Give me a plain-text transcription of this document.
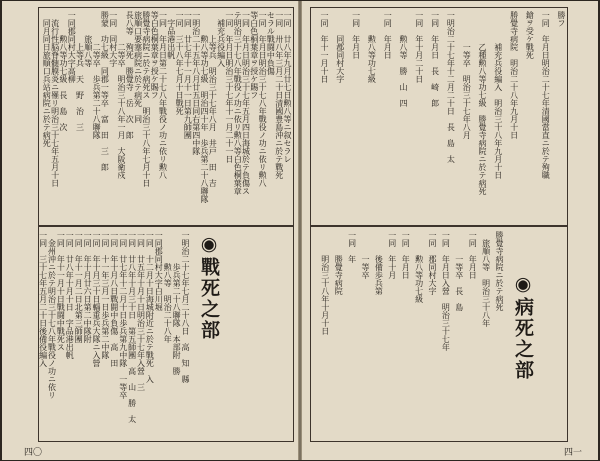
一同　廿八年九月廿七日勲八等ニ叙セラレ
一同　卅八年三月二十日清國豊島沖ニ於テ戰死
セラル戰闘中負傷
一同　年月日明治三十七八年戰役ノ功ニ依リ勲八
等白色桐葉章ヲ授ケ賜フ
一同　年月日明治三十七年五月四日海城於テ負傷ス
テ明治三十七八年戰役ノ功ニ依リ勲八等白色桐葉章
一同　年月日明治三十七年十一月二十一日
　補充兵役編入
　　　上等兵　明治三十七年八月　井戸　田　吉
　　　勲八等功七級　明治四十年　歩兵第二十八聯隊
一明治二十五年八月廿五日同右第四中隊
一同　廿七年十一月十一日第九師團
一同　三十八年七月十日戰死
　字品港出帆
一同　年月日第二十七八年戰役ノ功ニ依リ勲八
等白色桐葉章ヲ授ケ賜フ
勝覺寺病院ニ於テ病死ス　明治三十八年七月十日
旅順口要塞病院ニ於テ病死　同
長八等　殉死　勝覺寺　岳　次　郎
　　　　二等卒　明治三十八年一月　大阪衛戍
一同　同村大字
勝蒙　功七級　同郡一等卒　富　田　三　郎
　　　　二等卒　歩兵第二十八聯隊
　　　旅順八等
　　　　上等兵　天　野　治　三
一同郡同村大字高柳
　　　勲八等功七級　長　島　次
　流行性脳脊髄膜炎ニ罹リ明治三十七年五月十日
　同月同日旅順口兵站病院ニ於テ病死
◉戰死之部
一明治二十七年七月二十八日　高　知　縣
　　　　歩兵第二十八聯隊　本部附　勝
　　　　勲八等　明治二十八年
一同郡同村大字白川堀
一同　十二月十日海城附近ニ於テ戰死　入
一同　廿五年十月十日明治三十七年入營　三
一同　廿八年十月三十日　第五師團　高　山　勝　太
一同　廿七年十二月十日歩兵第九中隊　一等卒
一同　年十月八日戰闘中負傷　高　田
一同　十一年三月一日歩兵第二中隊
一同　年十月三十日輜重兵大隊ニ入營
一同　年十月廿六日第二中隊附
一同　年十一月二日北第三師團
一同　廿八年十月十日　字品港出帆
一同　年十一月十日戰闘中戰死ス
　金州沖ニ於テ明治三十七八年戰役ノ功ニ依リ
一同　三十七年五月二十日後備役編入
四〇
勝フ
一同　年月日明治二十七年清國當直ニ於テ殉職
鎗ヲ受ケ戰死
勝覺寺病院　明治二十八年九月十日
　　　　補充兵役編入　明治三十八年九月十日
　　　　乙種勲八等功七級　勝覺寺病院ニ於テ病死
　　　　一等卒　明治三十七年八月
一明治二十七年十二月二十日　長　島　太
一同　年月日　長　崎　郎
一同　年十月二十日
　　　勲八等　勝　山　四
一同　年月日
　　　勲八等功七級
一同　年月日
　　　同郡同村大字
一同　年十一月十日
◉病死之部
勝覺寺病院ニ於テ病死
　旅順八等　明治三十八年
一同　年月日
　　　一等卒　長　島
一同　年月日入營　明治三十七年
一同　郡同村大字
　　　勲八等功七級
一同　年月日
一同　年十月
　　　後備歩兵第
　　　一等卒
一同　年
　　　勝覺寺病院
　　　明治三十八年十月十日
四一
